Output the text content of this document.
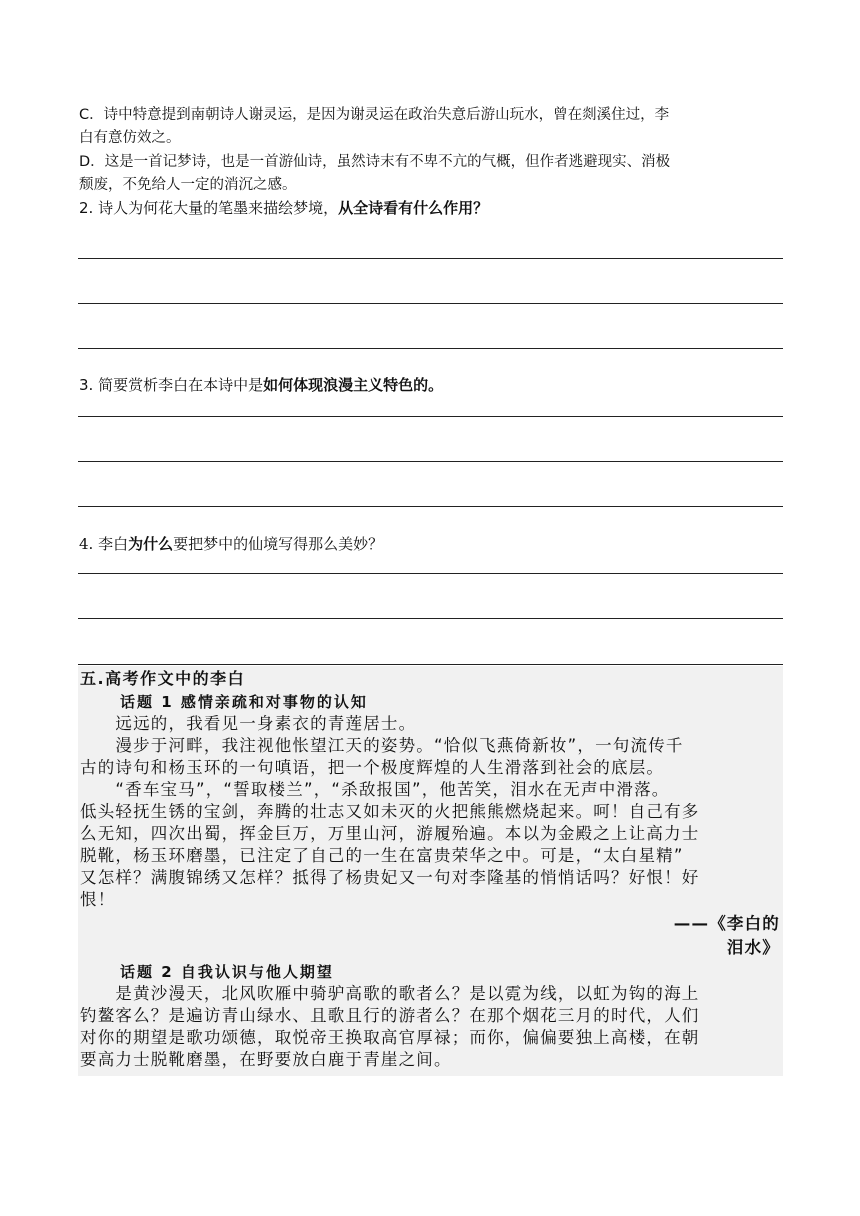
C．诗中特意提到南朝诗人谢灵运，是因为谢灵运在政治失意后游山玩水，曾在剡溪住过，李
白有意仿效之。
D．这是一首记梦诗，也是一首游仙诗，虽然诗末有不卑不亢的气概，但作者逃避现实、消极
颓废，不免给人一定的消沉之感。
2. 诗人为何花大量的笔墨来描绘梦境，从全诗看有什么作用？
3. 简要赏析李白在本诗中是如何体现浪漫主义特色的。
4. 李白为什么要把梦中的仙境写得那么美妙？
五.高考作文中的李白
话题 1 感情亲疏和对事物的认知
　　远远的，我看见一身素衣的青莲居士。
　　漫步于河畔，我注视他怅望江天的姿势。“恰似飞燕倚新妆”，一句流传千
古的诗句和杨玉环的一句嗔语，把一个极度辉煌的人生滑落到社会的底层。
　　“香车宝马”，“誓取楼兰”，“杀敌报国”，他苦笑，泪水在无声中滑落。
低头轻抚生锈的宝剑，奔腾的壮志又如未灭的火把熊熊燃烧起来。呵！自己有多
么无知，四次出蜀，挥金巨万，万里山河，游履殆遍。本以为金殿之上让高力士
脱靴，杨玉环磨墨，已注定了自己的一生在富贵荣华之中。可是，“太白星精”
又怎样？满腹锦绣又怎样？抵得了杨贵妃又一句对李隆基的悄悄话吗？好恨！好
恨！
——《李白的
泪水》
话题 2 自我认识与他人期望
　　是黄沙漫天，北风吹雁中骑驴高歌的歌者么？是以霓为线，以虹为钩的海上
钓鳌客么？是遍访青山绿水、且歌且行的游者么？在那个烟花三月的时代，人们
对你的期望是歌功颂德，取悦帝王换取高官厚禄；而你，偏偏要独上高楼，在朝
要高力士脱靴磨墨，在野要放白鹿于青崖之间。
